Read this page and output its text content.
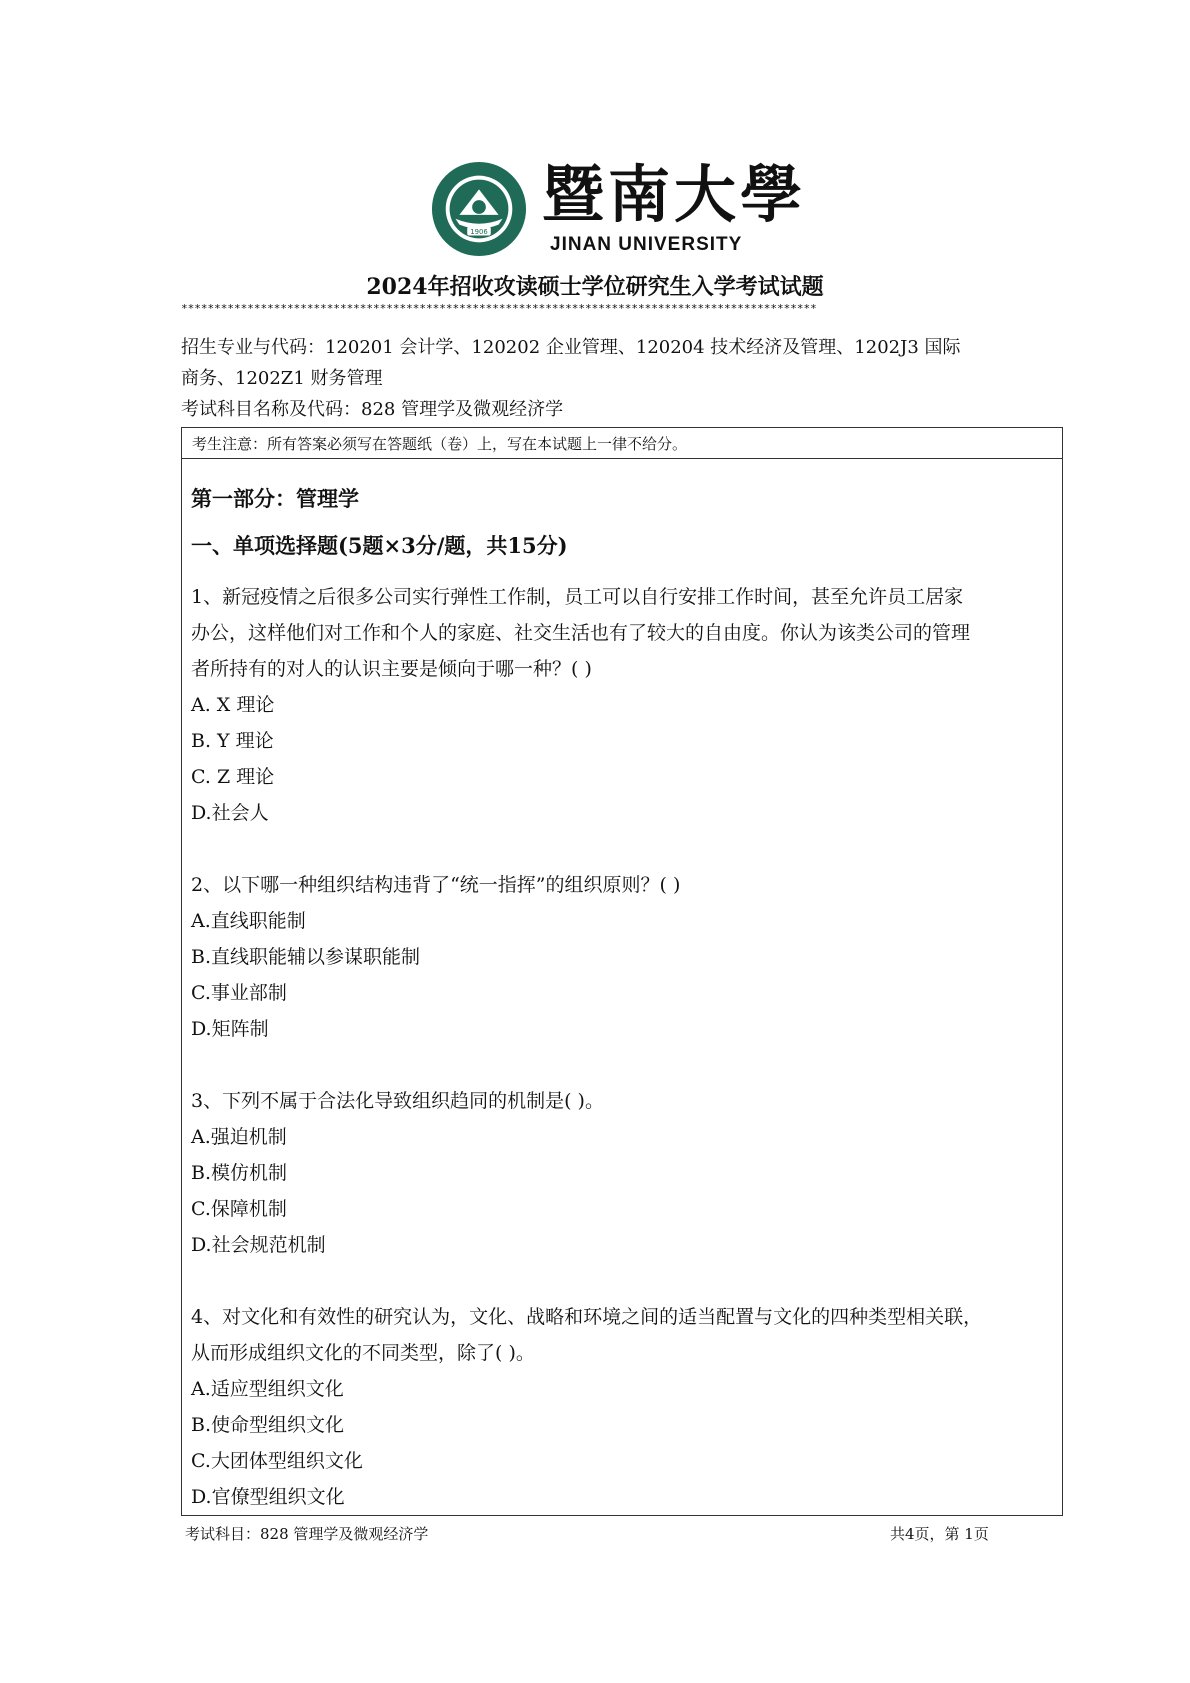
1906
暨南大學
JINAN UNIVERSITY
2024年招收攻读硕士学位研究生入学考试试题
************************************************************************************************
招生专业与代码：120201 会计学、120202 企业管理、120204 技术经济及管理、1202J3 国际
商务、1202Z1 财务管理
考试科目名称及代码：828 管理学及微观经济学
考生注意：所有答案必须写在答题纸（卷）上，写在本试题上一律不给分。
第一部分：管理学
一、单项选择题(5题×3分/题，共15分)
1、新冠疫情之后很多公司实行弹性工作制，员工可以自行安排工作时间，甚至允许员工居家
办公，这样他们对工作和个人的家庭、社交生活也有了较大的自由度。你认为该类公司的管理
者所持有的对人的认识主要是倾向于哪一种？( )
A. X 理论
B. Y 理论
C. Z 理论
D.社会人
2、以下哪一种组织结构违背了“统一指挥”的组织原则？( )
A.直线职能制
B.直线职能辅以参谋职能制
C.事业部制
D.矩阵制
3、下列不属于合法化导致组织趋同的机制是( )。
A.强迫机制
B.模仿机制
C.保障机制
D.社会规范机制
4、对文化和有效性的研究认为，文化、战略和环境之间的适当配置与文化的四种类型相关联，
从而形成组织文化的不同类型，除了( )。
A.适应型组织文化
B.使命型组织文化
C.大团体型组织文化
D.官僚型组织文化
考试科目：828 管理学及微观经济学	共4页，第 1页
